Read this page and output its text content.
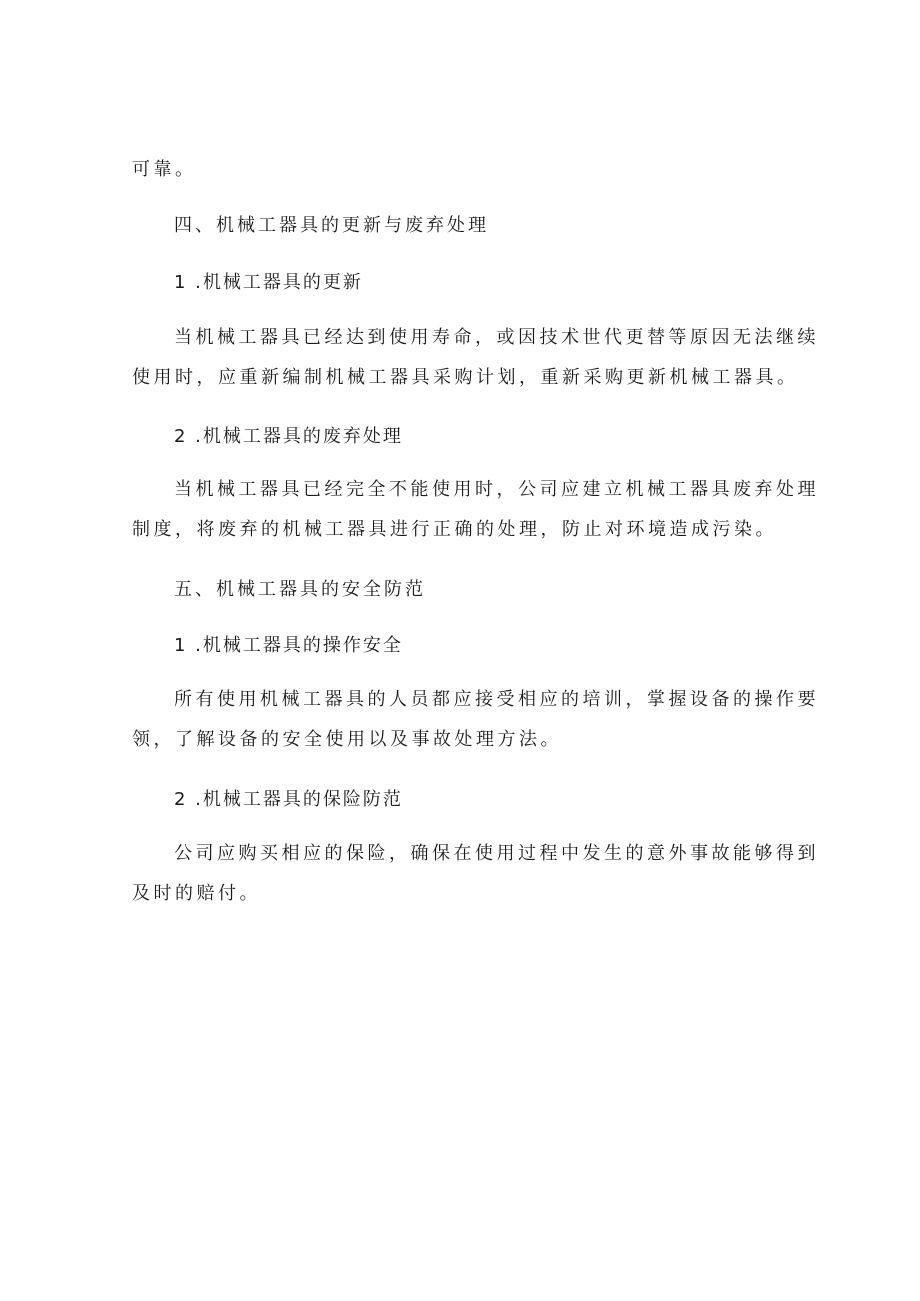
可靠。
四、机械工器具的更新与废弃处理
1 .机械工器具的更新
当机械工器具已经达到使用寿命，或因技术世代更替等原因无法继续
使用时，应重新编制机械工器具采购计划，重新采购更新机械工器具。
2 .机械工器具的废弃处理
当机械工器具已经完全不能使用时，公司应建立机械工器具废弃处理
制度，将废弃的机械工器具进行正确的处理，防止对环境造成污染。
五、机械工器具的安全防范
1 .机械工器具的操作安全
所有使用机械工器具的人员都应接受相应的培训，掌握设备的操作要
领，了解设备的安全使用以及事故处理方法。
2 .机械工器具的保险防范
公司应购买相应的保险，确保在使用过程中发生的意外事故能够得到
及时的赔付。
